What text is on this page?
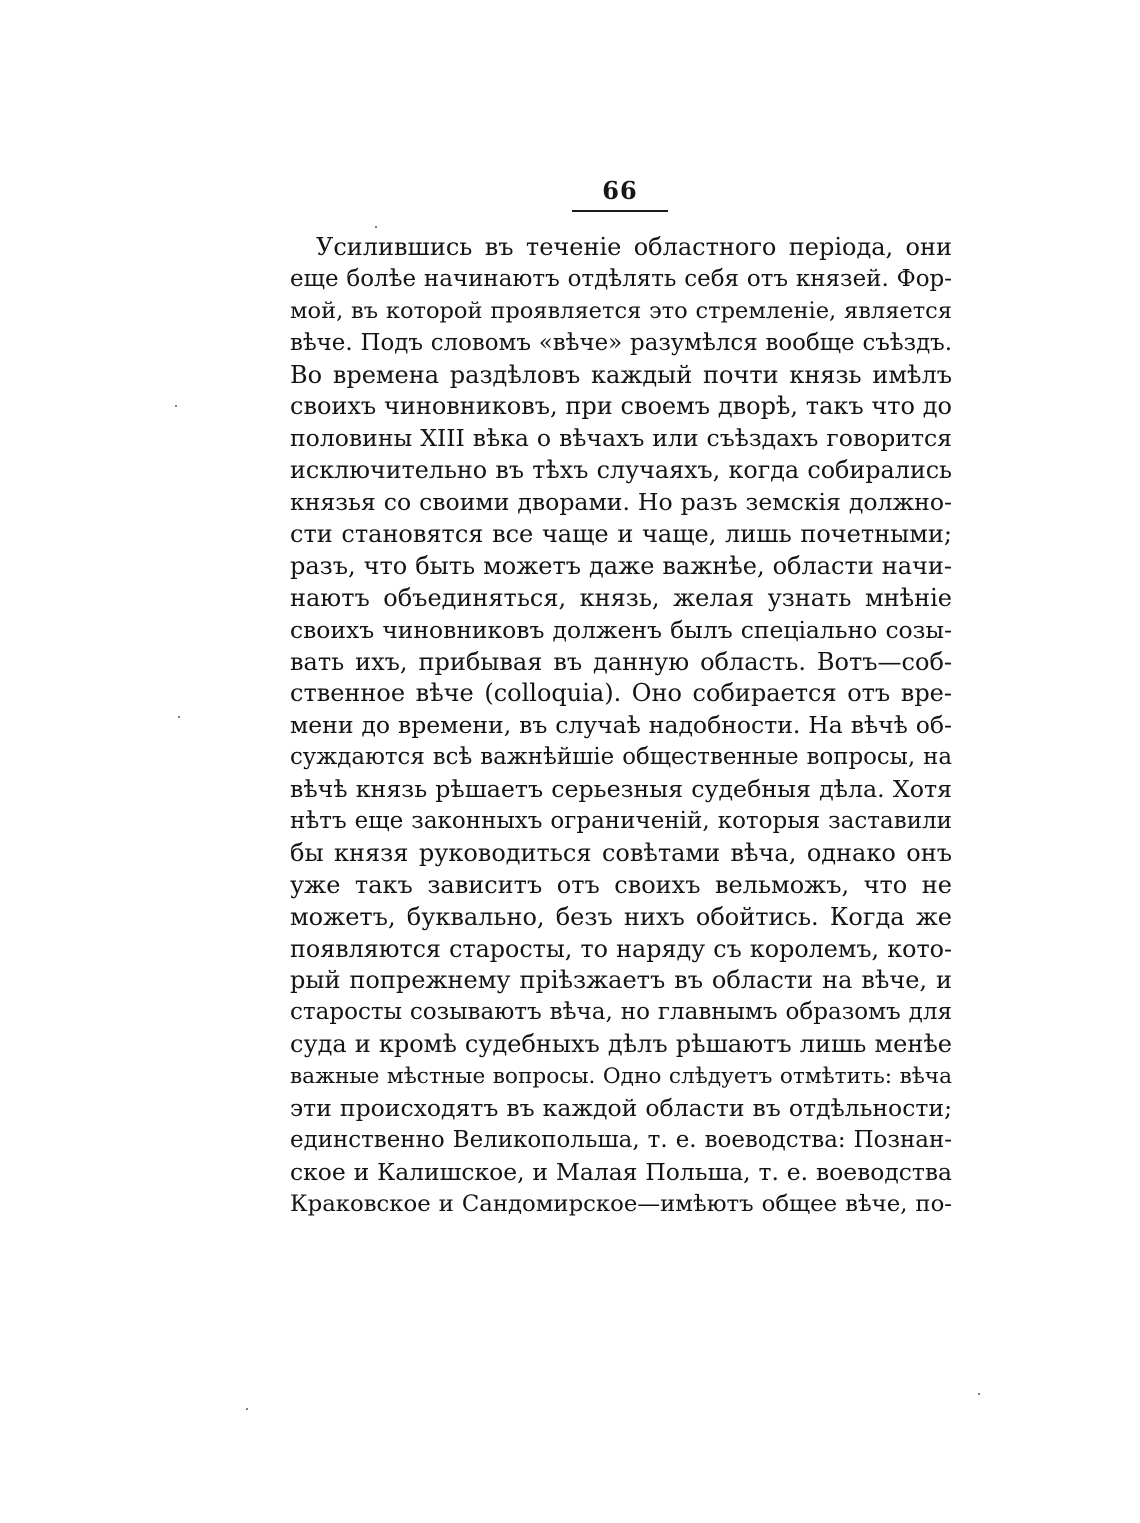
66
Усилившись въ теченіе областного періода, они
еще болѣе начинаютъ отдѣлять себя отъ князей. Фор-
мой, въ которой проявляется это стремленіе, является
вѣче. Подъ словомъ «вѣче» разумѣлся вообще съѣздъ.
Во времена раздѣловъ каждый почти князь имѣлъ
своихъ чиновниковъ, при своемъ дворѣ, такъ что до
половины XIII вѣка о вѣчахъ или съѣздахъ говорится
исключительно въ тѣхъ случаяхъ, когда собирались
князья со своими дворами. Но разъ земскія должно-
сти становятся все чаще и чаще, лишь почетными;
разъ, что быть можетъ даже важнѣе, области начи-
наютъ объединяться, князь, желая узнать мнѣніе
своихъ чиновниковъ долженъ былъ спеціально созы-
вать ихъ, прибывая въ данную область. Вотъ—соб-
ственное вѣче (colloquia). Оно собирается отъ вре-
мени до времени, въ случаѣ надобности. На вѣчѣ об-
суждаются всѣ важнѣйшіе общественные вопросы, на
вѣчѣ князь рѣшаетъ серьезныя судебныя дѣла. Хотя
нѣтъ еще законныхъ ограниченій, которыя заставили
бы князя руководиться совѣтами вѣча, однако онъ
уже такъ зависитъ отъ своихъ вельможъ, что не
можетъ, буквально, безъ нихъ обойтись. Когда же
появляются старосты, то наряду съ королемъ, кото-
рый попрежнему пріѣзжаетъ въ области на вѣче, и
старосты созываютъ вѣча, но главнымъ образомъ для
суда и кромѣ судебныхъ дѣлъ рѣшаютъ лишь менѣе
важные мѣстные вопросы. Одно слѣдуетъ отмѣтить: вѣча
эти происходятъ въ каждой области въ отдѣльности;
единственно Великопольша, т. е. воеводства: Познан-
ское и Калишское, и Малая Польша, т. е. воеводства
Краковское и Сандомирское—имѣютъ общее вѣче, по-
